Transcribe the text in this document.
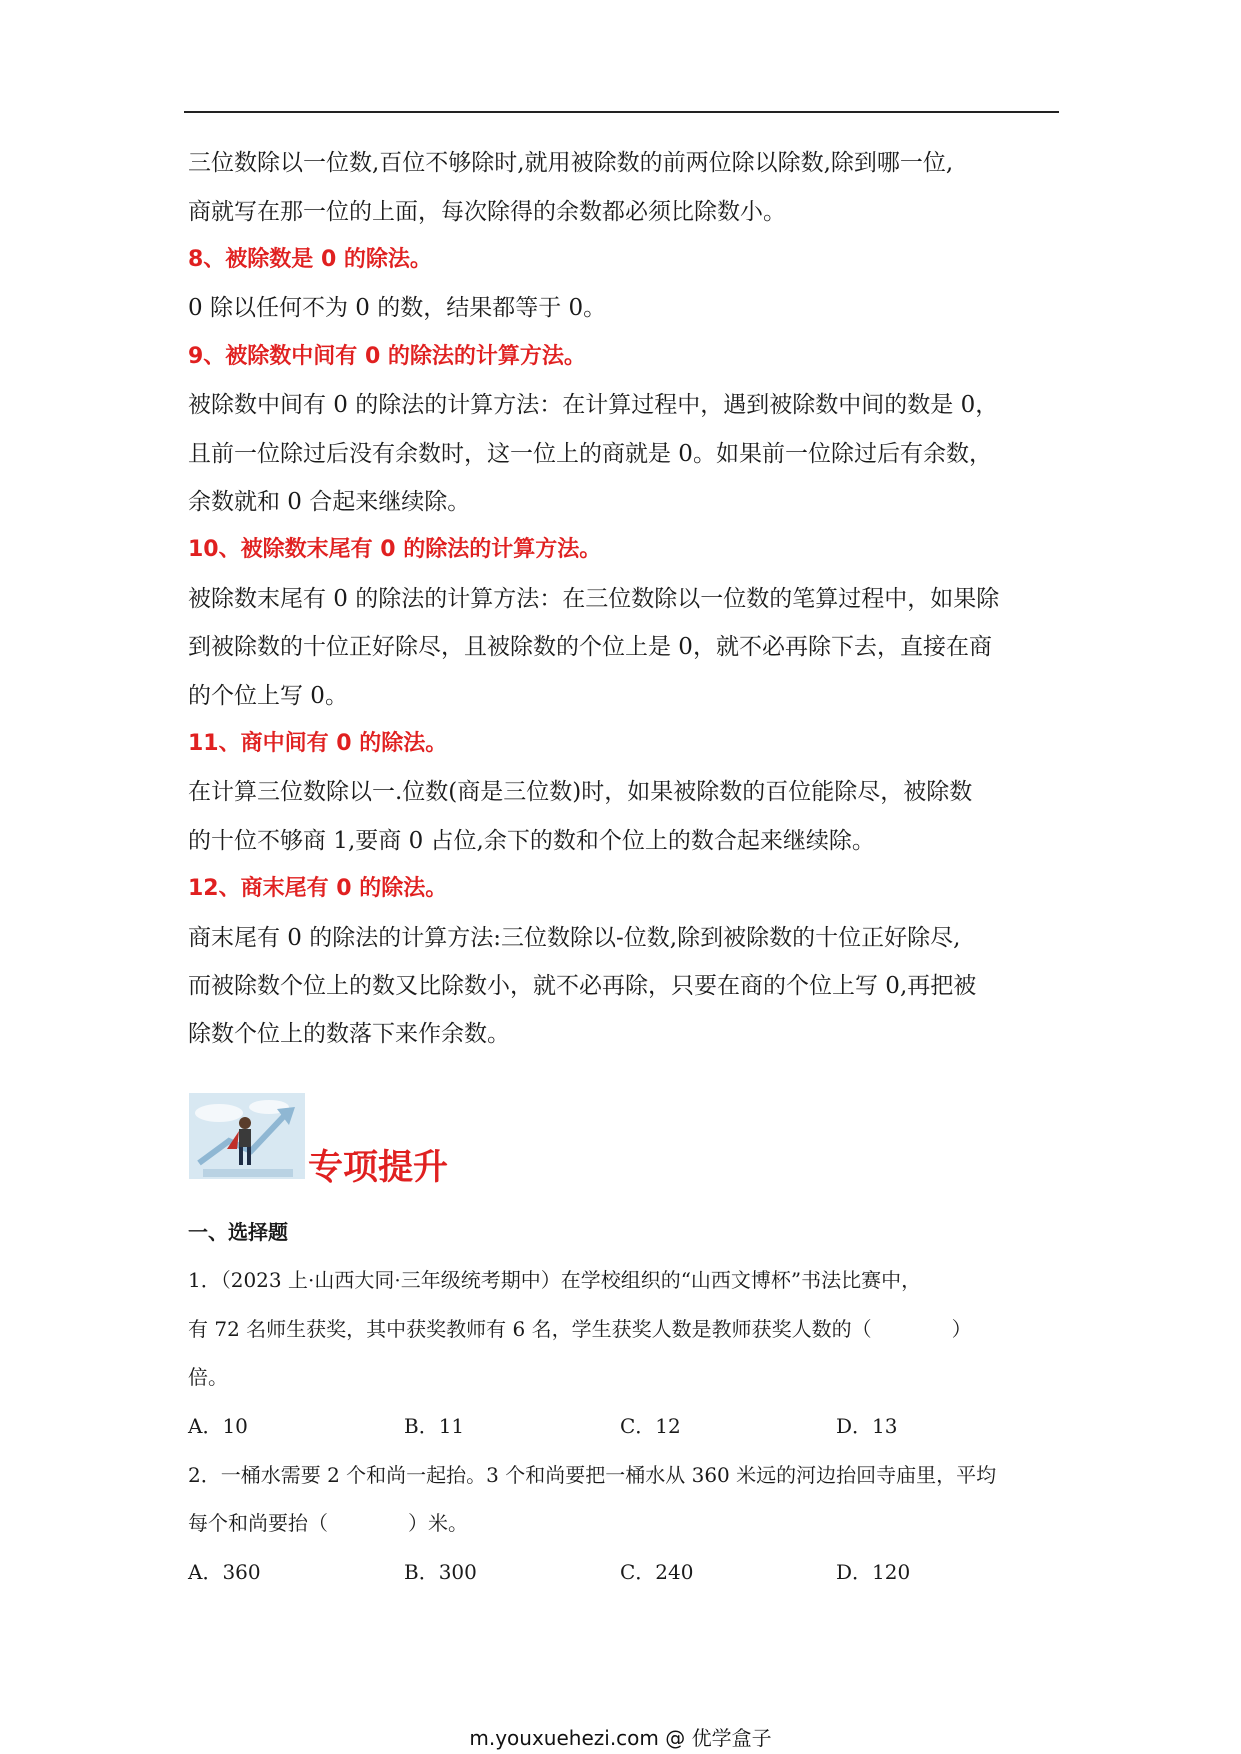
三位数除以一位数,百位不够除时,就用被除数的前两位除以除数,除到哪一位,
商就写在那一位的上面，每次除得的余数都必须比除数小。
8、被除数是 0 的除法。
0 除以任何不为 0 的数，结果都等于 0。
9、被除数中间有 0 的除法的计算方法。
被除数中间有 0 的除法的计算方法：在计算过程中，遇到被除数中间的数是 0，
且前一位除过后没有余数时，这一位上的商就是 0。如果前一位除过后有余数，
余数就和 0 合起来继续除。
10、被除数末尾有 0 的除法的计算方法。
被除数末尾有 0 的除法的计算方法：在三位数除以一位数的笔算过程中，如果除
到被除数的十位正好除尽，且被除数的个位上是 0，就不必再除下去，直接在商
的个位上写 0。
11、商中间有 0 的除法。
在计算三位数除以一.位数(商是三位数)时，如果被除数的百位能除尽，被除数
的十位不够商 1,要商 0 占位,余下的数和个位上的数合起来继续除。
12、商末尾有 0 的除法。
商末尾有 0 的除法的计算方法:三位数除以-位数,除到被除数的十位正好除尽,
而被除数个位上的数又比除数小，就不必再除，只要在商的个位上写 0,再把被
除数个位上的数落下来作余数。
专项提升
一、选择题
1．（2023 上·山西大同·三年级统考期中）在学校组织的“山西文博杯”书法比赛中，
有 72 名师生获奖，其中获奖教师有 6 名，学生获奖人数是教师获奖人数的（　　　　）
倍。
A．10	B．11	C．12	D．13
2．一桶水需要 2 个和尚一起抬。3 个和尚要把一桶水从 360 米远的河边抬回寺庙里，平均
每个和尚要抬（　　　　）米。
A．360	B．300	C．240	D．120
m.youxuehezi.com @ 优学盒子
